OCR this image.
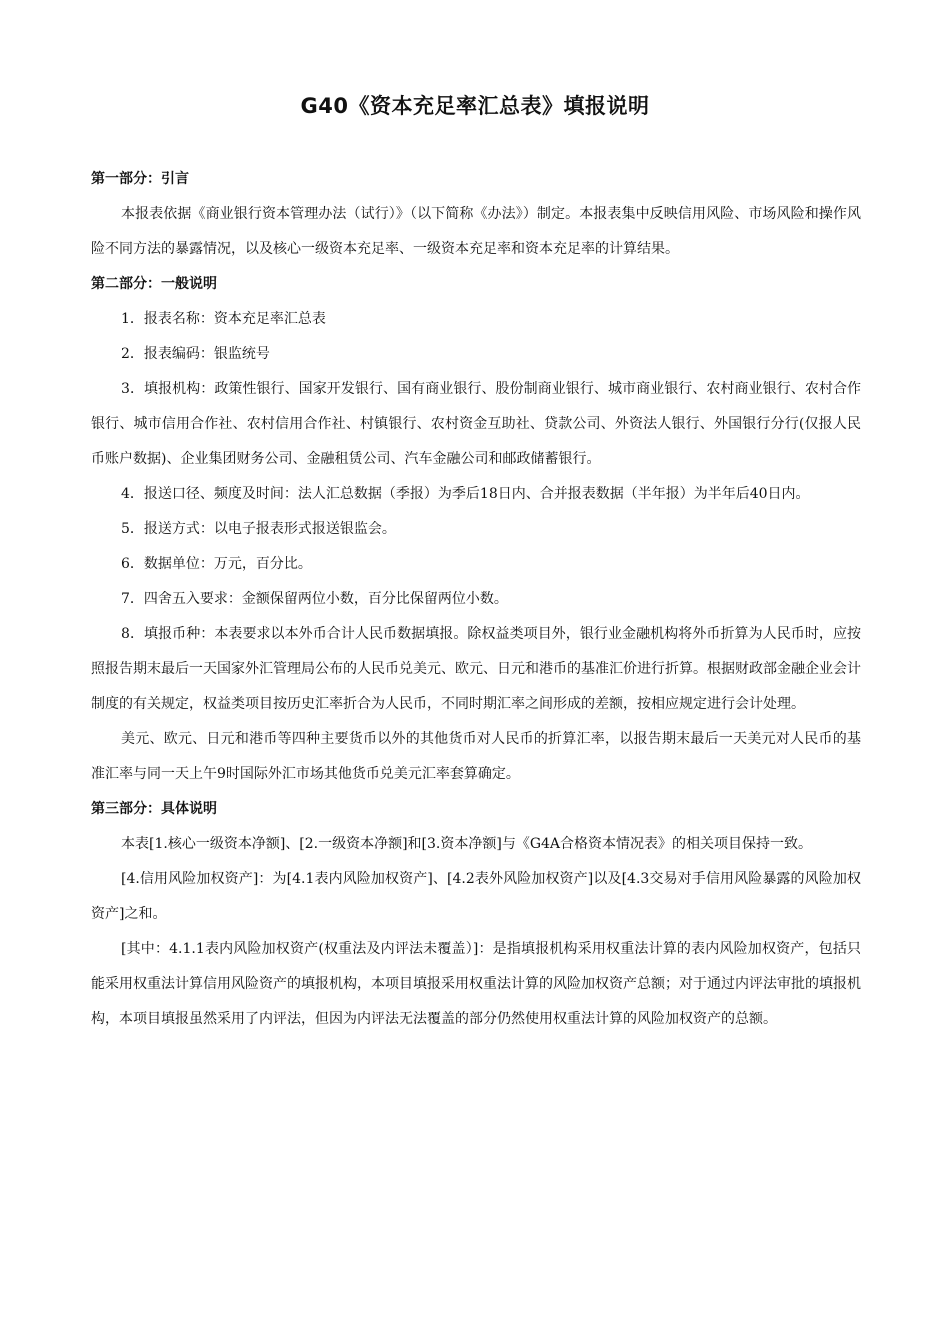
G40《资本充足率汇总表》填报说明

第一部分：引言

本报表依据《商业银行资本管理办法（试行）》（以下简称《办法》）制定。本报表集中反映信用风险、市场风险和操作风险不同方法的暴露情况，以及核心一级资本充足率、一级资本充足率和资本充足率的计算结果。

第二部分：一般说明

1．报表名称：资本充足率汇总表

2．报表编码：银监统号

3．填报机构：政策性银行、国家开发银行、国有商业银行、股份制商业银行、城市商业银行、农村商业银行、农村合作银行、城市信用合作社、农村信用合作社、村镇银行、农村资金互助社、贷款公司、外资法人银行、外国银行分行(仅报人民币账户数据)、企业集团财务公司、金融租赁公司、汽车金融公司和邮政储蓄银行。

4．报送口径、频度及时间：法人汇总数据（季报）为季后18日内、合并报表数据（半年报）为半年后40日内。

5．报送方式：以电子报表形式报送银监会。

6．数据单位：万元，百分比。

7．四舍五入要求：金额保留两位小数，百分比保留两位小数。

8．填报币种：本表要求以本外币合计人民币数据填报。除权益类项目外，银行业金融机构将外币折算为人民币时，应按照报告期末最后一天国家外汇管理局公布的人民币兑美元、欧元、日元和港币的基准汇价进行折算。根据财政部金融企业会计制度的有关规定，权益类项目按历史汇率折合为人民币，不同时期汇率之间形成的差额，按相应规定进行会计处理。

美元、欧元、日元和港币等四种主要货币以外的其他货币对人民币的折算汇率，以报告期末最后一天美元对人民币的基准汇率与同一天上午9时国际外汇市场其他货币兑美元汇率套算确定。

第三部分：具体说明

本表[1.核心一级资本净额]、[2.一级资本净额]和[3.资本净额]与《G4A合格资本情况表》的相关项目保持一致。

[4.信用风险加权资产]：为[4.1表内风险加权资产]、[4.2表外风险加权资产]以及[4.3交易对手信用风险暴露的风险加权资产]之和。

[其中：4.1.1表内风险加权资产(权重法及内评法未覆盖）]：是指填报机构采用权重法计算的表内风险加权资产，包括只能采用权重法计算信用风险资产的填报机构，本项目填报采用权重法计算的风险加权资产总额；对于通过内评法审批的填报机构，本项目填报虽然采用了内评法，但因为内评法无法覆盖的部分仍然使用权重法计算的风险加权资产的总额。
